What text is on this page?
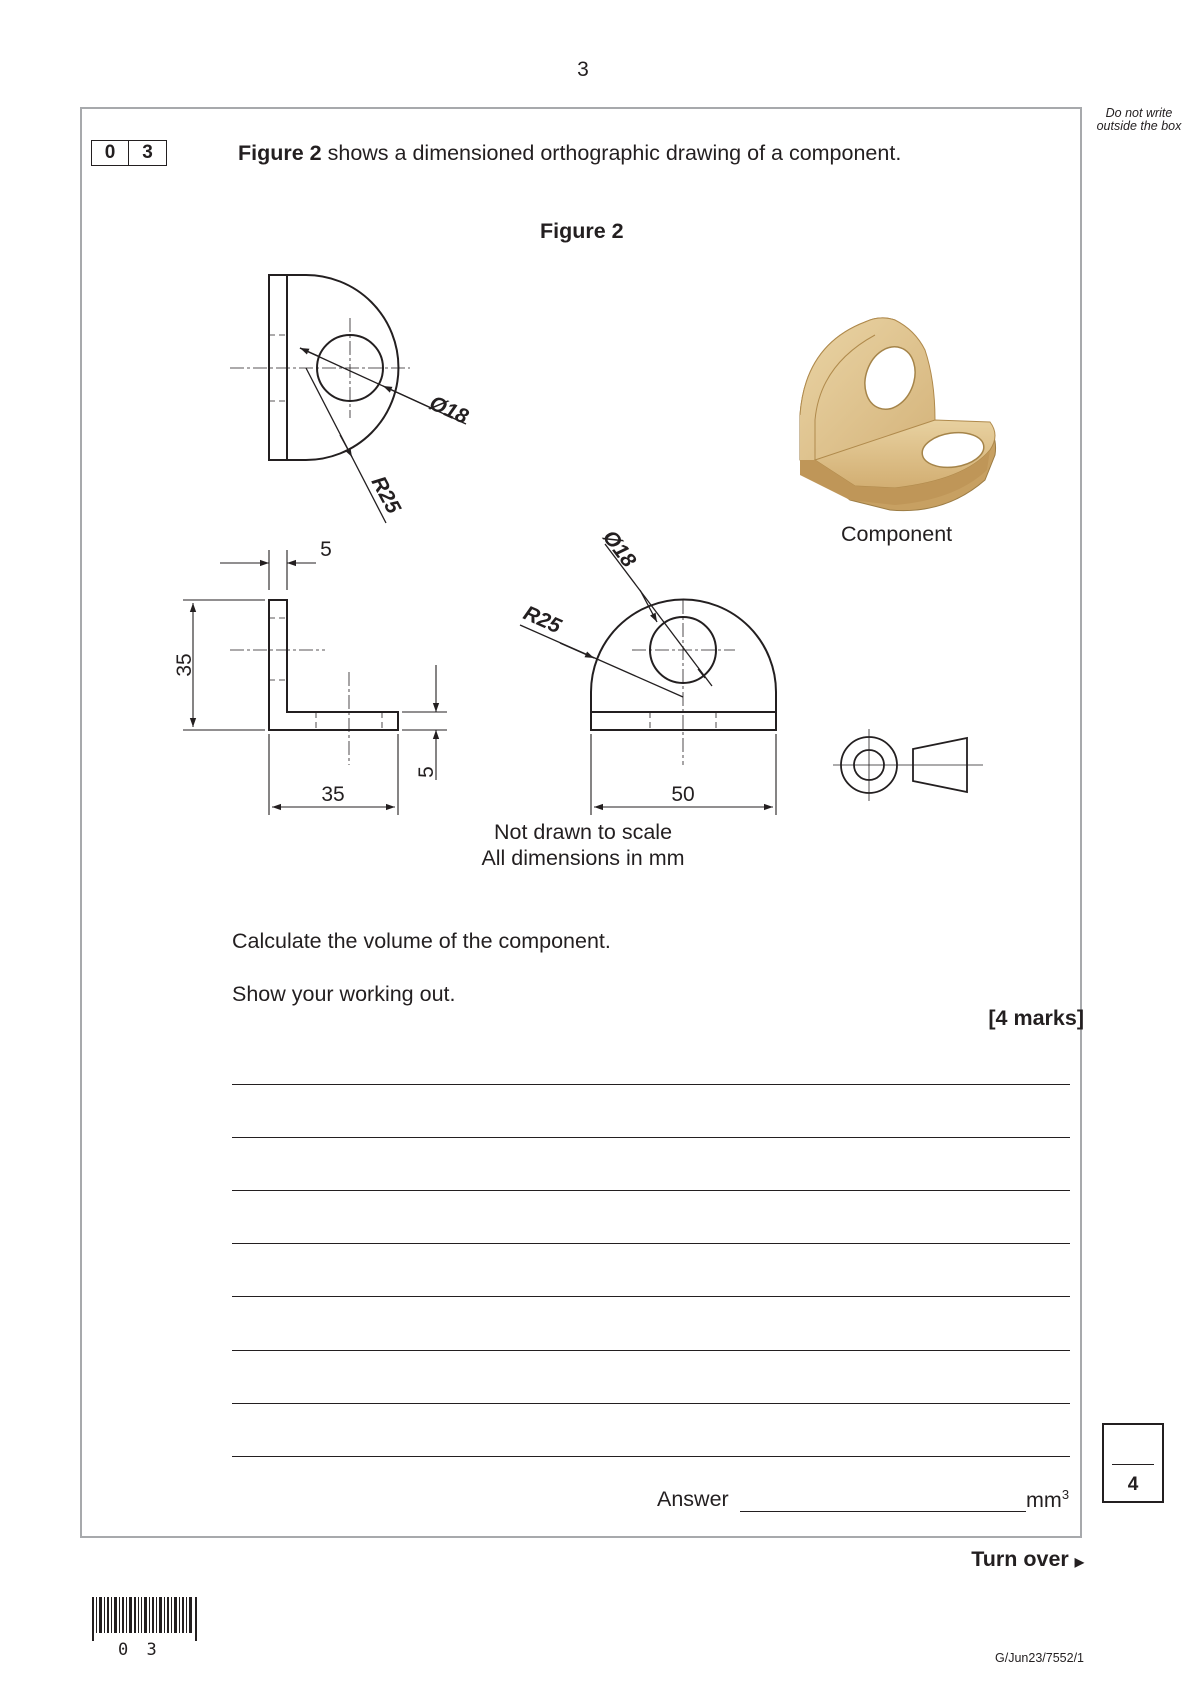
3
Do not write outside the box
0	3	Figure 2 shows a dimensioned orthographic drawing of a component.
Figure 2
Ø18
R25
5
35
35
5
Ø18
R25
50
Component
Not drawn to scale
All dimensions in mm
Calculate the volume of the component.
Show your working out.
[4 marks]
Answer	$mm^3$	4
Turn over ▶
0 3	G/Jun23/7552/1
